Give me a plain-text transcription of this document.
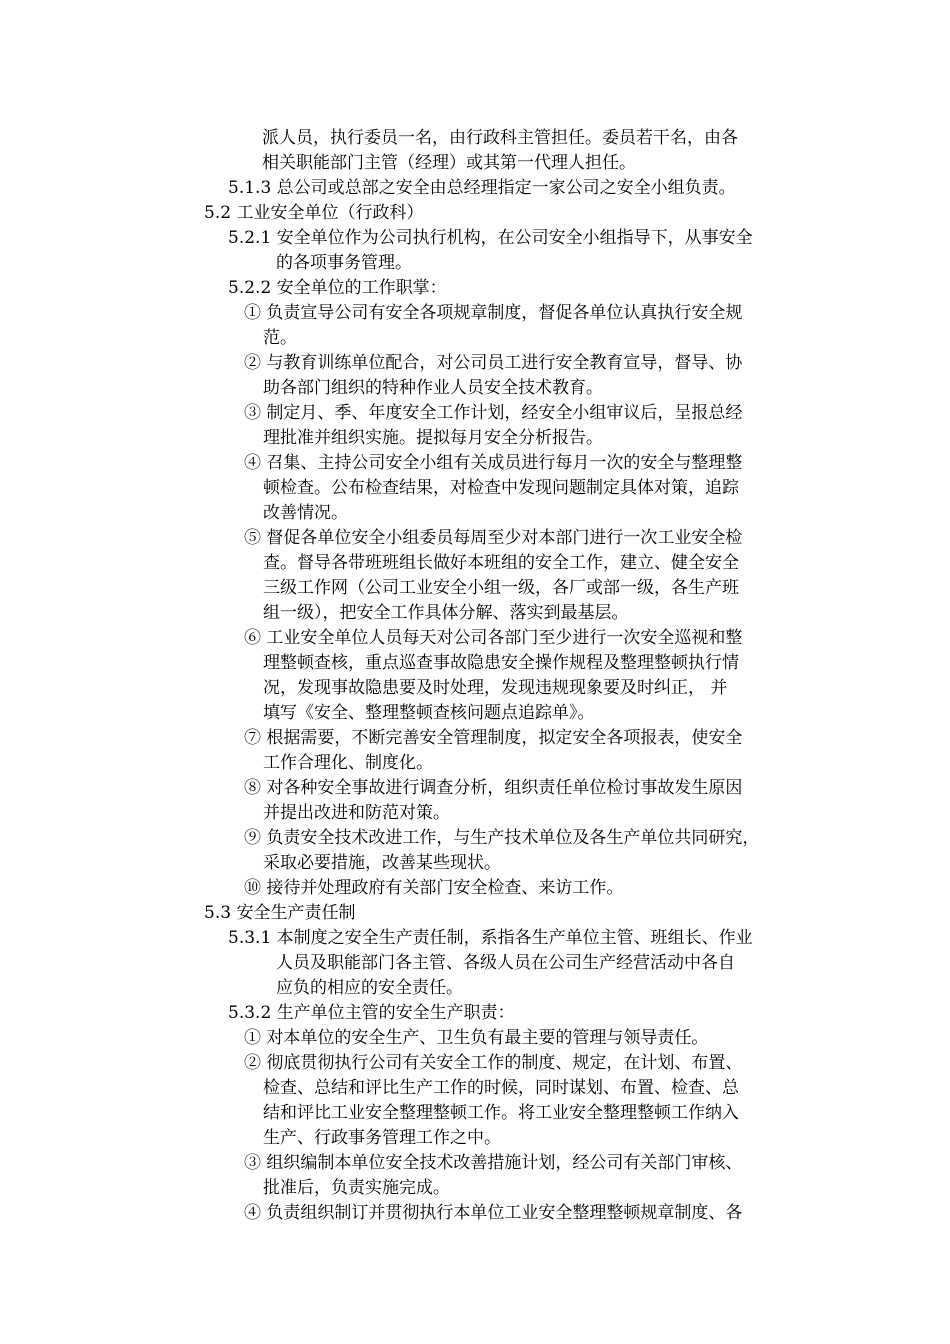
派人员，执行委员一名，由行政科主管担任。委员若干名，由各
相关职能部门主管（经理）或其第一代理人担任。
5.1.3 总公司或总部之安全由总经理指定一家公司之安全小组负责。
5.2 工业安全单位（行政科）
5.2.1 安全单位作为公司执行机构，在公司安全小组指导下，从事安全
的各项事务管理。
5.2.2 安全单位的工作职掌：
① 负责宣导公司有安全各项规章制度，督促各单位认真执行安全规
范。
② 与教育训练单位配合，对公司员工进行安全教育宣导，督导、协
助各部门组织的特种作业人员安全技术教育。
③ 制定月、季、年度安全工作计划，经安全小组审议后，呈报总经
理批准并组织实施。提拟每月安全分析报告。
④ 召集、主持公司安全小组有关成员进行每月一次的安全与整理整
顿检查。公布检查结果，对检查中发现问题制定具体对策，追踪
改善情况。
⑤ 督促各单位安全小组委员每周至少对本部门进行一次工业安全检
查。督导各带班班组长做好本班组的安全工作，建立、健全安全
三级工作网（公司工业安全小组一级，各厂或部一级，各生产班
组一级），把安全工作具体分解、落实到最基层。
⑥ 工业安全单位人员每天对公司各部门至少进行一次安全巡视和整
理整顿查核，重点巡查事故隐患安全操作规程及整理整顿执行情
况，发现事故隐患要及时处理，发现违规现象要及时纠正， 并
填写《安全、整理整顿查核问题点追踪单》。
⑦ 根据需要，不断完善安全管理制度，拟定安全各项报表，使安全
工作合理化、制度化。
⑧ 对各种安全事故进行调查分析，组织责任单位检讨事故发生原因
并提出改进和防范对策。
⑨ 负责安全技术改进工作，与生产技术单位及各生产单位共同研究，
采取必要措施，改善某些现状。
⑩ 接待并处理政府有关部门安全检查、来访工作。
5.3 安全生产责任制
5.3.1 本制度之安全生产责任制，系指各生产单位主管、班组长、作业
人员及职能部门各主管、各级人员在公司生产经营活动中各自
应负的相应的安全责任。
5.3.2 生产单位主管的安全生产职责：
① 对本单位的安全生产、卫生负有最主要的管理与领导责任。
② 彻底贯彻执行公司有关安全工作的制度、规定，在计划、布置、
检查、总结和评比生产工作的时候，同时谋划、布置、检查、总
结和评比工业安全整理整顿工作。将工业安全整理整顿工作纳入
生产、行政事务管理工作之中。
③ 组织编制本单位安全技术改善措施计划，经公司有关部门审核、
批准后，负责实施完成。
④ 负责组织制订并贯彻执行本单位工业安全整理整顿规章制度、各
